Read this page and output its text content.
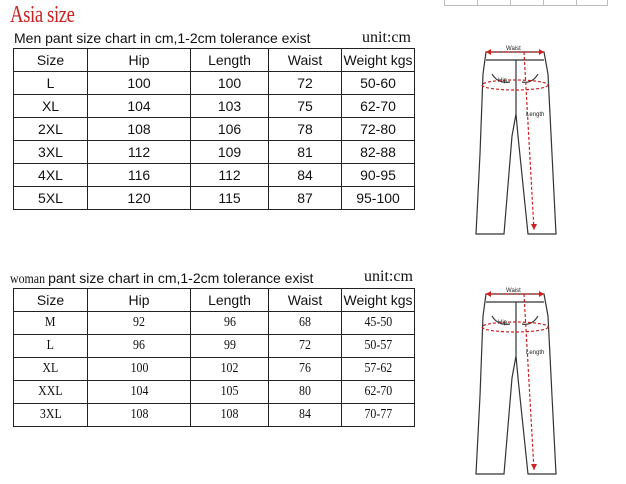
Asia size
Men pant size chart in cm,1-2cm tolerance exist	unit:cm
Size	Hip	Length	Waist	Weight kgs
L	100	100	72	50-60
XL	104	103	75	62-70
2XL	108	106	78	72-80
3XL	112	109	81	82-88
4XL	116	112	84	90-95
5XL	120	115	87	95-100
woman pant size chart in cm,1-2cm tolerance exist	unit:cm
Size	Hip	Length	Waist	Weight kgs
M	92	96	68	45-50
L	96	99	72	50-57
XL	100	102	76	57-62
XXL	104	105	80	62-70
3XL	108	108	84	70-77
Waist
Hip
Length
Waist
Hip
Length
